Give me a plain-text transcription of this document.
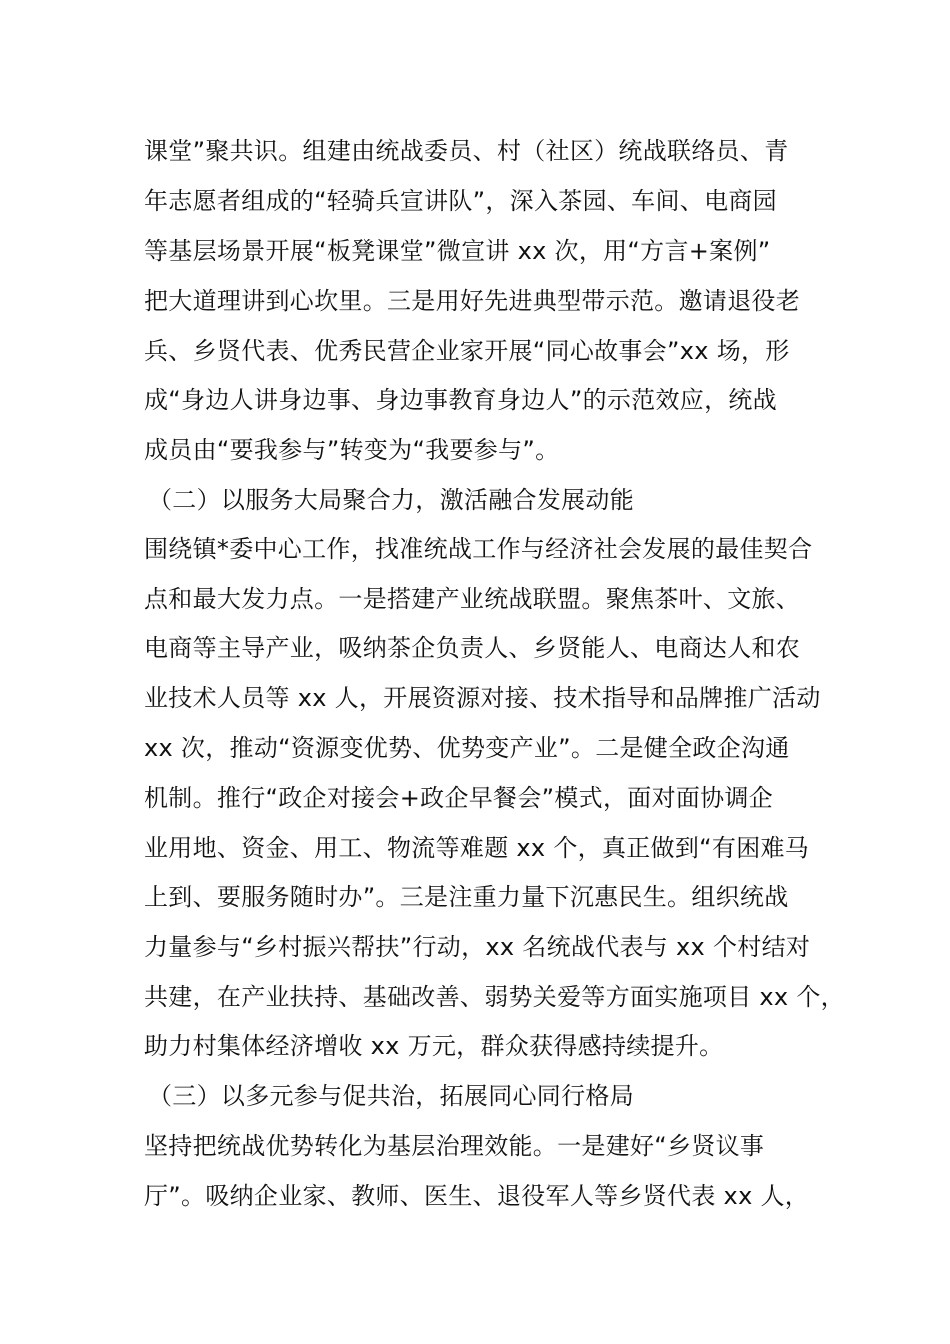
课堂”聚共识。组建由统战委员、村（社区）统战联络员、青
年志愿者组成的“轻骑兵宣讲队”，深入茶园、车间、电商园
等基层场景开展“板凳课堂”微宣讲 xx 次，用“方言+案例”
把大道理讲到心坎里。三是用好先进典型带示范。邀请退役老
兵、乡贤代表、优秀民营企业家开展“同心故事会”xx 场，形
成“身边人讲身边事、身边事教育身边人”的示范效应，统战
成员由“要我参与”转变为“我要参与”。
（二）以服务大局聚合力，激活融合发展动能
围绕镇*委中心工作，找准统战工作与经济社会发展的最佳契合
点和最大发力点。一是搭建产业统战联盟。聚焦茶叶、文旅、
电商等主导产业，吸纳茶企负责人、乡贤能人、电商达人和农
业技术人员等 xx 人，开展资源对接、技术指导和品牌推广活动
xx 次，推动“资源变优势、优势变产业”。二是健全政企沟通
机制。推行“政企对接会+政企早餐会”模式，面对面协调企
业用地、资金、用工、物流等难题 xx 个，真正做到“有困难马
上到、要服务随时办”。三是注重力量下沉惠民生。组织统战
力量参与“乡村振兴帮扶”行动，xx 名统战代表与 xx 个村结对
共建，在产业扶持、基础改善、弱势关爱等方面实施项目 xx 个，
助力村集体经济增收 xx 万元，群众获得感持续提升。
（三）以多元参与促共治，拓展同心同行格局
坚持把统战优势转化为基层治理效能。一是建好“乡贤议事
厅”。吸纳企业家、教师、医生、退役军人等乡贤代表 xx 人，
